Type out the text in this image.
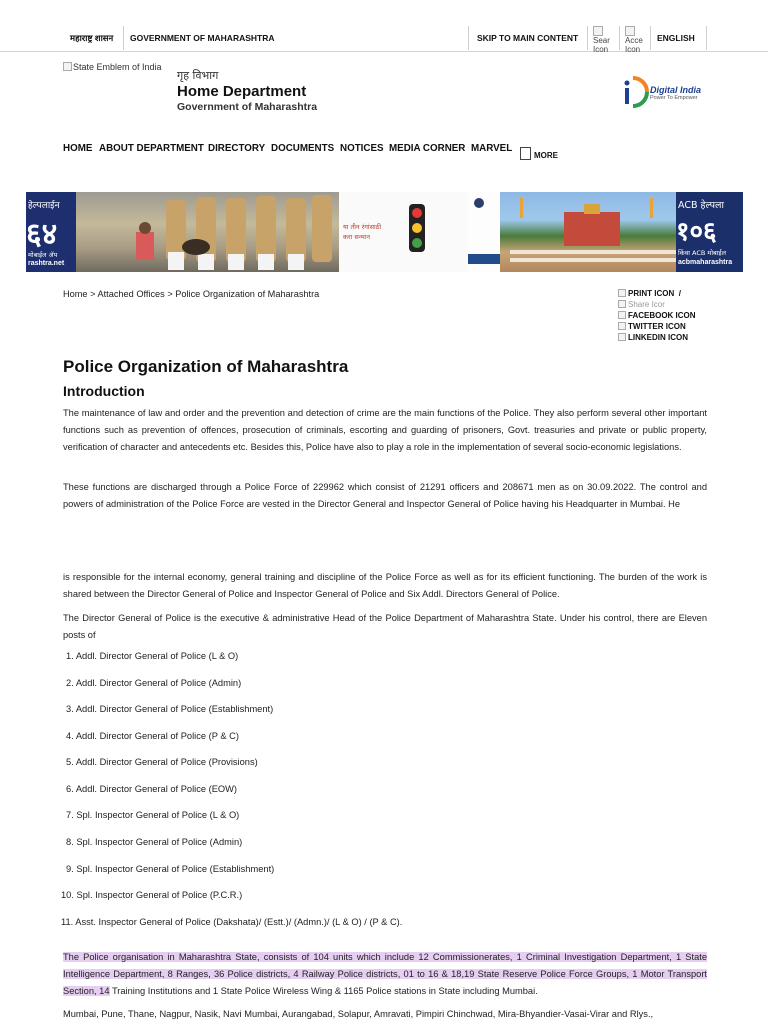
महाराष्ट्र शासन GOVERNMENT OF MAHARASHTRA	SKIP TO MAIN CONTENT Sear Icon

Acce Icon
ENGLISH
State Emblem of India
गृह विभाग
Home Department
Government of Maharashtra
Digital India
Power To Empower
HOME ABOUT DEPARTMENT DIRECTORY DOCUMENTS NOTICES MEDIA CORNER MARVEL
MORE
हेल्पलाईन
६४
मोबाईल ॲप
rashtra.net
या तीन रंगांसाठी
करा सन्मान
ACB हेल्पला
१०६
किंवा ACB मोबाईल
acbmaharashtra
Home > Attached Offices > Police Organization of Maharashtra	PRINT ICON /
Share Icor
FACEBOOK ICON
TWITTER ICON
LINKEDIN ICON
Police Organization of Maharashtra
Introduction

The maintenance of law and order and the prevention and detection of crime are the main functions of the Police. They also perform several other important functions such as prevention of offences, prosecution of criminals, escorting and guarding of prisoners, Govt. treasuries and private or public property, verification of character and antecedents etc. Besides this, Police have also to play a role in the implementation of several socio-economic legislations.

These functions are discharged through a Police Force of 229962 which consist of 21291 officers and 208671 men as on 30.09.2022. The control and powers of administration of the Police Force are vested in the Director General and Inspector General of Police having his Headquarter in Mumbai. He

is responsible for the internal economy, general training and discipline of the Police Force as well as for its efficient functioning. The burden of the work is shared between the Director General of Police and Inspector General of Police and Six Addl. Directors General of Police.

The Director General of Police is the executive & administrative Head of the Police Department of Maharashtra State. Under his control, there are Eleven posts of

1. Addl. Director General of Police (L & O)
2. Addl. Director General of Police (Admin)
3. Addl. Director General of Police (Establishment)
4. Addl. Director General of Police (P & C)
5. Addl. Director General of Police (Provisions)
6. Addl. Director General of Police (EOW)
7. Spl. Inspector General of Police (L & O)
8. Spl. Inspector General of Police (Admin)
9. Spl. Inspector General of Police (Establishment)
10. Spl. Inspector General of Police (P.C.R.)
11. Asst. Inspector General of Police (Dakshata)/ (Estt.)/ (Admn.)/ (L & O) / (P & C).

The Police organisation in Maharashtra State, consists of 104 units which include 12 Commissionerates, 1 Criminal Investigation Department, 1 State Intelligence Department, 8 Ranges, 36 Police districts, 4 Railway Police districts, 01 to 16 & 18,19 State Reserve Police Force Groups, 1 Motor Transport Section, 14 Training Institutions and 1 State Police Wireless Wing & 1165 Police stations in State including Mumbai.

Mumbai, Pune, Thane, Nagpur, Nasik, Navi Mumbai, Aurangabad, Solapur, Amravati, Pimpiri Chinchwad, Mira-Bhyandier-Vasai-Virar and Rlys.,
